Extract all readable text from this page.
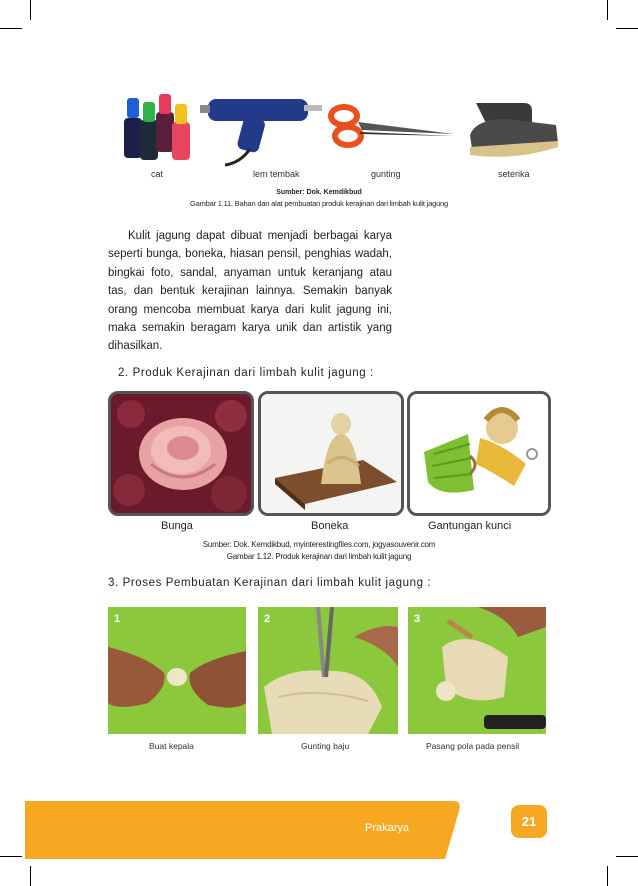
cat	lem tembak	gunting	seterika
Sumber: Dok. Kemdikbud
Gambar 1.11. Bahan dan alat pembuatan produk kerajinan dari limbah kulit jagung

Kulit jagung dapat dibuat menjadi berbagai karya seperti bunga, boneka, hiasan pensil, penghias wadah, bingkai foto, sandal, anyaman untuk keranjang atau tas, dan bentuk kerajinan lainnya. Semakin banyak orang mencoba membuat karya dari kulit jagung ini, maka semakin beragam karya unik dan artistik yang dihasilkan.

2. Produk Kerajinan dari limbah kulit jagung :
Bunga	Boneka	Gantungan kunci
Sumber: Dok. Kemdikbud, myinterestingfiles.com, jogyasouvenir.com
Gambar 1.12. Produk kerajinan dari limbah kulit jagung
3. Proses Pembuatan Kerajinan dari limbah kulit jagung :
1	2	3
Buat kepala	Gunting baju	Pasang pola pada pensil
Prakarya	21
